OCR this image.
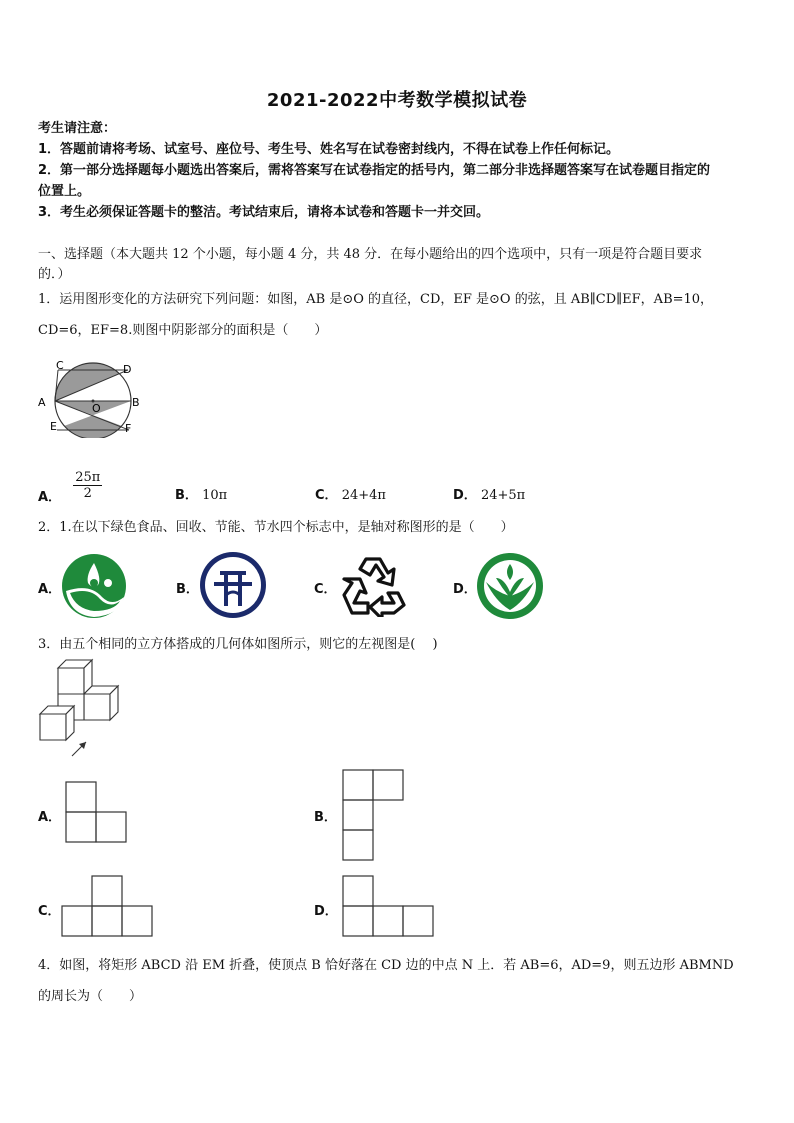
2021-2022中考数学模拟试卷
考生请注意：
1．答题前请将考场、试室号、座位号、考生号、姓名写在试卷密封线内，不得在试卷上作任何标记。
2．第一部分选择题每小题选出答案后，需将答案写在试卷指定的括号内，第二部分非选择题答案写在试卷题目指定的
位置上。
3．考生必须保证答题卡的整洁。考试结束后，请将本试卷和答题卡一并交回。
一、选择题（本大题共 12 个小题，每小题 4 分，共 48 分．在每小题给出的四个选项中，只有一项是符合题目要求
的．）
1．运用图形变化的方法研究下列问题：如图，AB 是⊙O 的直径，CD，EF 是⊙O 的弦，且 AB∥CD∥EF，AB=10，
CD=6，EF=8.则图中阴影部分的面积是（　　）
C	D
A	B
O
E	F
A． $\frac{25\pi}{2}$	B． 10π	C． 24+4π	D． 24+5π
2．1.在以下绿色食品、回收、节能、节水四个标志中，是轴对称图形的是（　　）
A．	B．	C．	D．
3．由五个相同的立方体搭成的几何体如图所示，则它的左视图是(　 )
A．	B．
C．	D．
4．如图，将矩形 ABCD 沿 EM 折叠，使顶点 B 恰好落在 CD 边的中点 N 上．若 AB=6，AD=9，则五边形 ABMND
的周长为（　　）
